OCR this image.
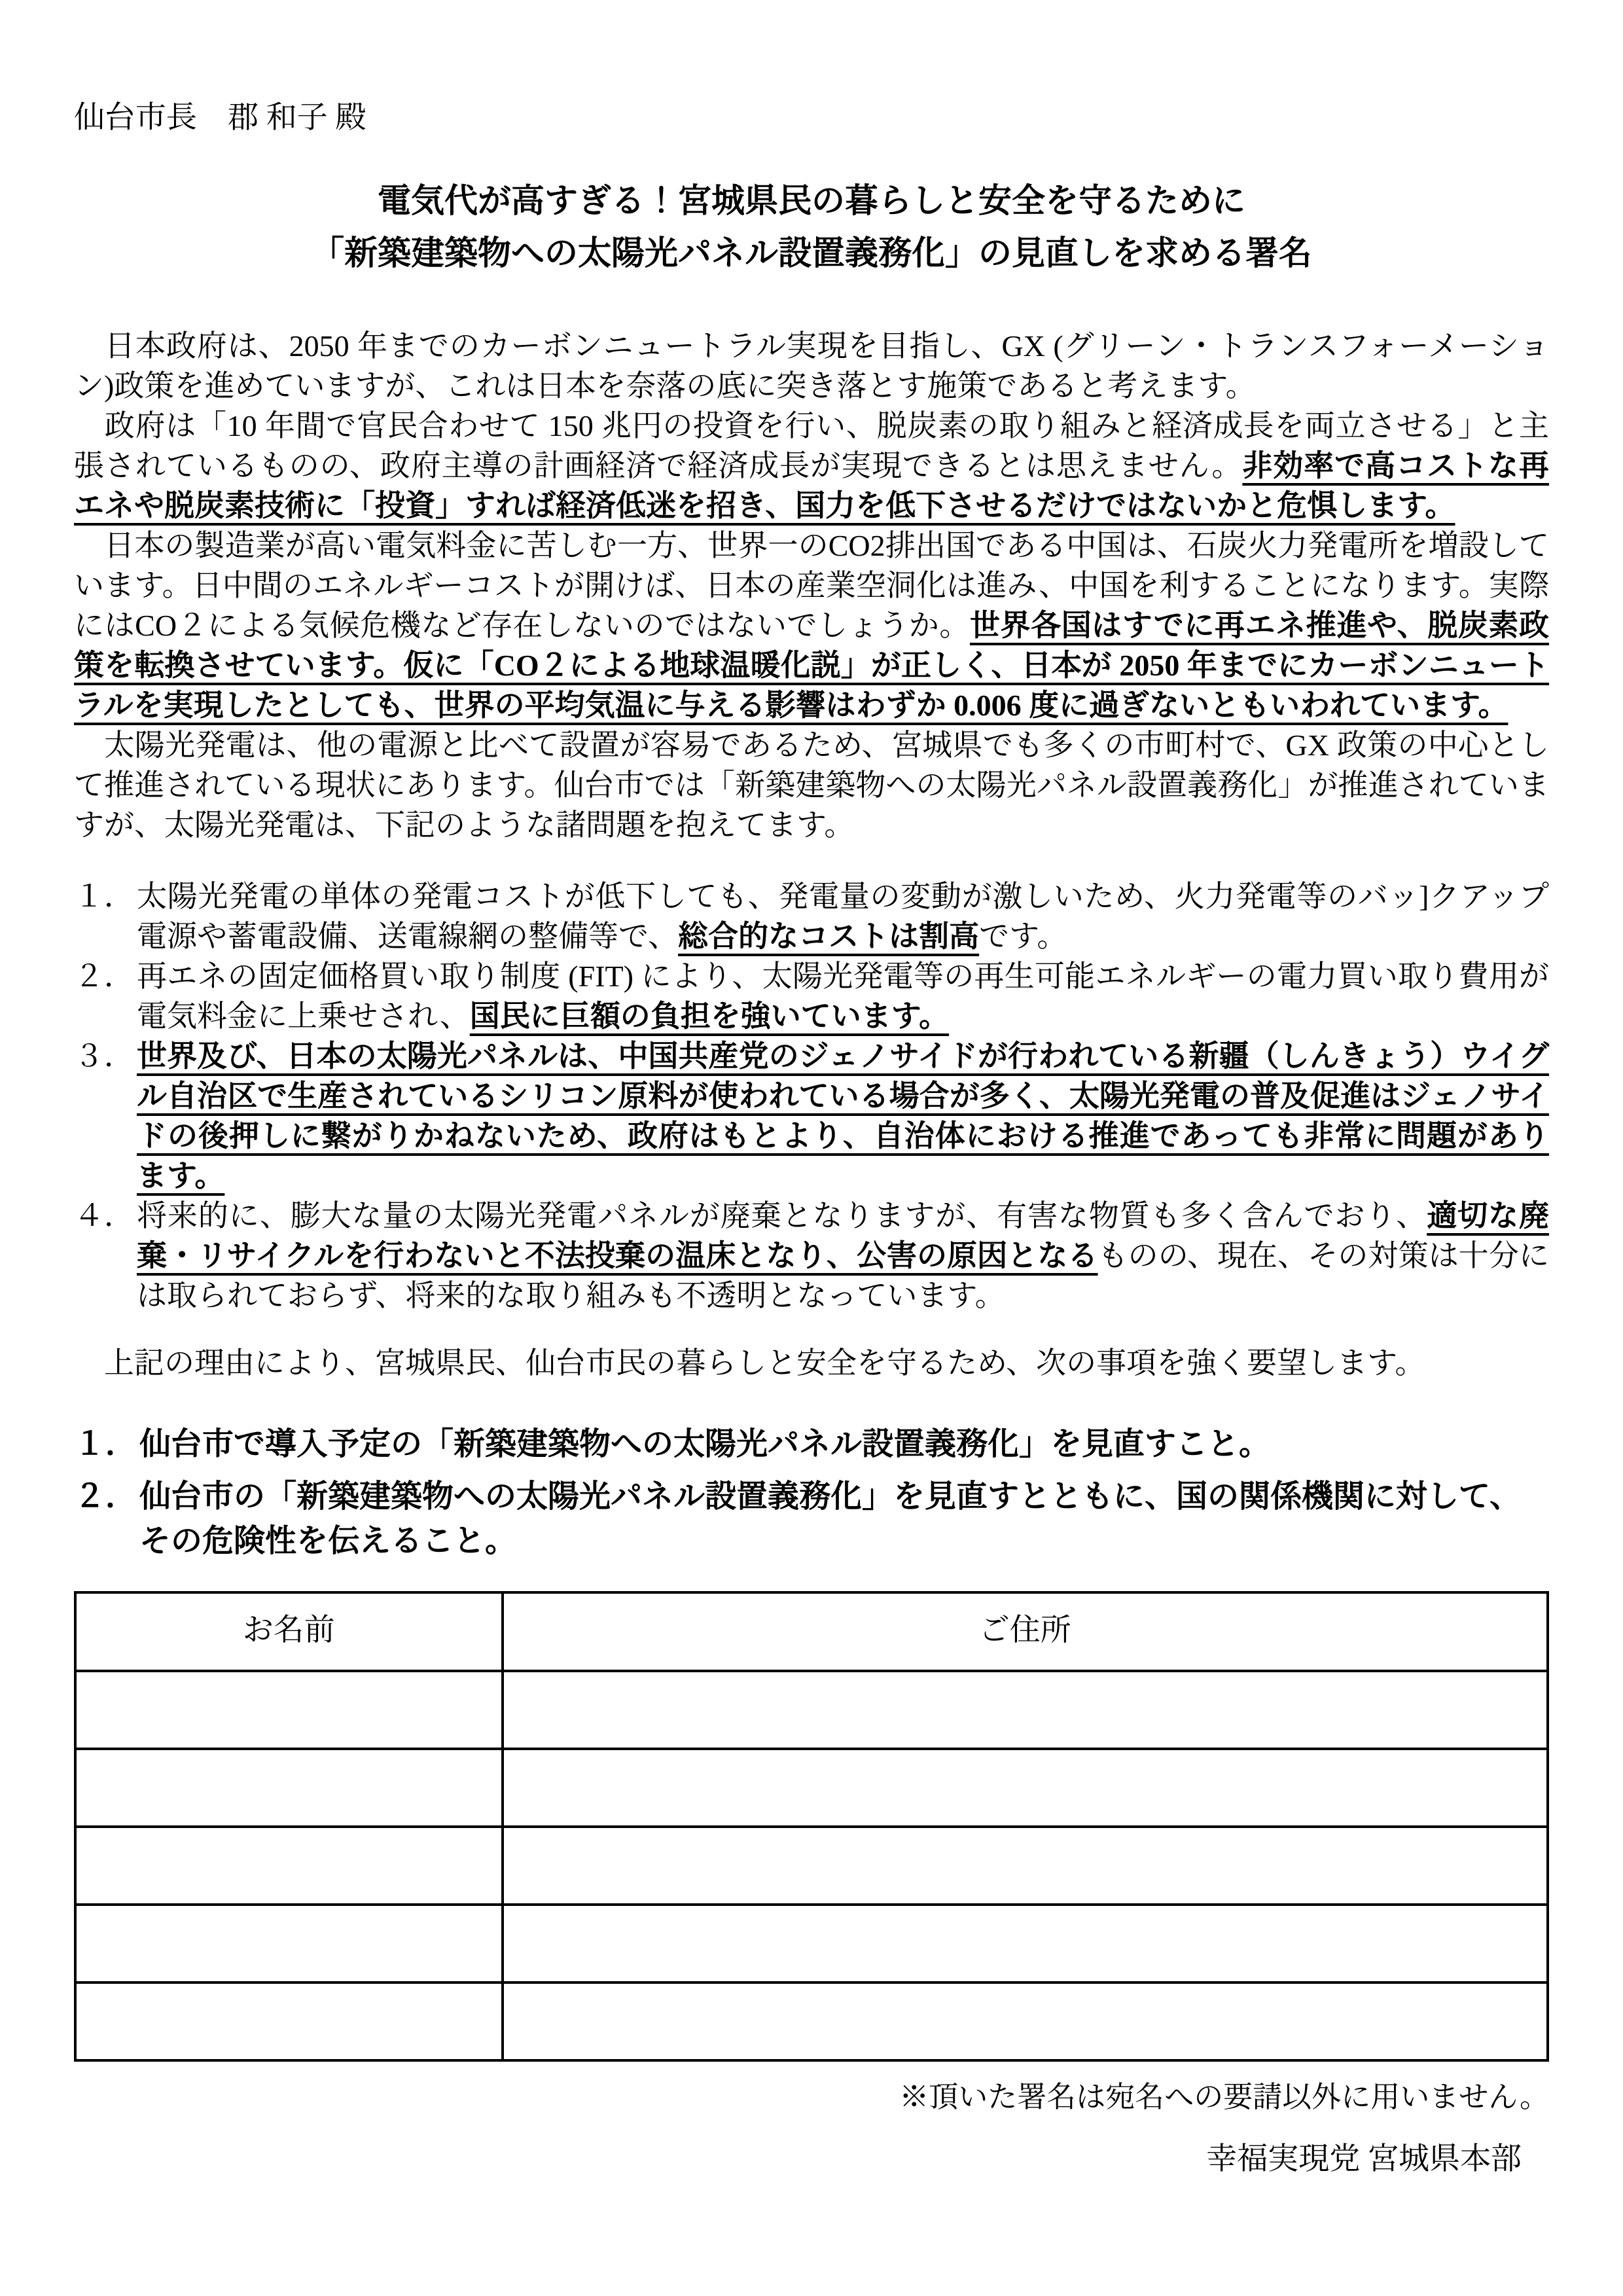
仙台市長　郡 和子 殿
電気代が高すぎる！宮城県民の暮らしと安全を守るために
「新築建築物への太陽光パネル設置義務化」の見直しを求める署名

　日本政府は、2050 年までのカーボンニュートラル実現を目指し、GX (グリーン・トランスフォーメーション)政策を進めていますが、これは日本を奈落の底に突き落とす施策であると考えます。

　政府は「10 年間で官民合わせて 150 兆円の投資を行い、脱炭素の取り組みと経済成長を両立させる」と主張されているものの、政府主導の計画経済で経済成長が実現できるとは思えません。非効率で高コストな再エネや脱炭素技術に「投資」すれば経済低迷を招き、国力を低下させるだけではないかと危惧します。

　日本の製造業が高い電気料金に苦しむ一方、世界一のCO2排出国である中国は、石炭火力発電所を増設しています。日中間のエネルギーコストが開けば、日本の産業空洞化は進み、中国を利することになります。実際にはCO２による気候危機など存在しないのではないでしょうか。世界各国はすでに再エネ推進や、脱炭素政策を転換させています。仮に「CO２による地球温暖化説」が正しく、日本が 2050 年までにカーボンニュートラルを実現したとしても、世界の平均気温に与える影響はわずか 0.006 度に過ぎないともいわれています。

　太陽光発電は、他の電源と比べて設置が容易であるため、宮城県でも多くの市町村で、GX 政策の中心として推進されている現状にあります。仙台市では「新築建築物への太陽光パネル設置義務化」が推進されていますが、太陽光発電は、下記のような諸問題を抱えてます。

１． 太陽光発電の単体の発電コストが低下しても、発電量の変動が激しいため、火力発電等のバッ]クアップ電源や蓄電設備、送電線網の整備等で、総合的なコストは割高です。
２． 再エネの固定価格買い取り制度 (FIT) により、太陽光発電等の再生可能エネルギーの電力買い取り費用が電気料金に上乗せされ、国民に巨額の負担を強いています。
３． 世界及び、日本の太陽光パネルは、中国共産党のジェノサイドが行われている新疆（しんきょう）ウイグル自治区で生産されているシリコン原料が使われている場合が多く、太陽光発電の普及促進はジェノサイドの後押しに繋がりかねないため、政府はもとより、自治体における推進であっても非常に問題があります。
４． 将来的に、膨大な量の太陽光発電パネルが廃棄となりますが、有害な物質も多く含んでおり、適切な廃棄・リサイクルを行わないと不法投棄の温床となり、公害の原因となるものの、現在、その対策は十分には取られておらず、将来的な取り組みも不透明となっています。
　上記の理由により、宮城県民、仙台市民の暮らしと安全を守るため、次の事項を強く要望します。
１． 仙台市で導入予定の「新築建築物への太陽光パネル設置義務化」を見直すこと。
２． 仙台市の「新築建築物への太陽光パネル設置義務化」を見直すとともに、国の関係機関に対して、その危険性を伝えること。
お名前	ご住所

※頂いた署名は宛名への要請以外に用いません。
幸福実現党 宮城県本部
